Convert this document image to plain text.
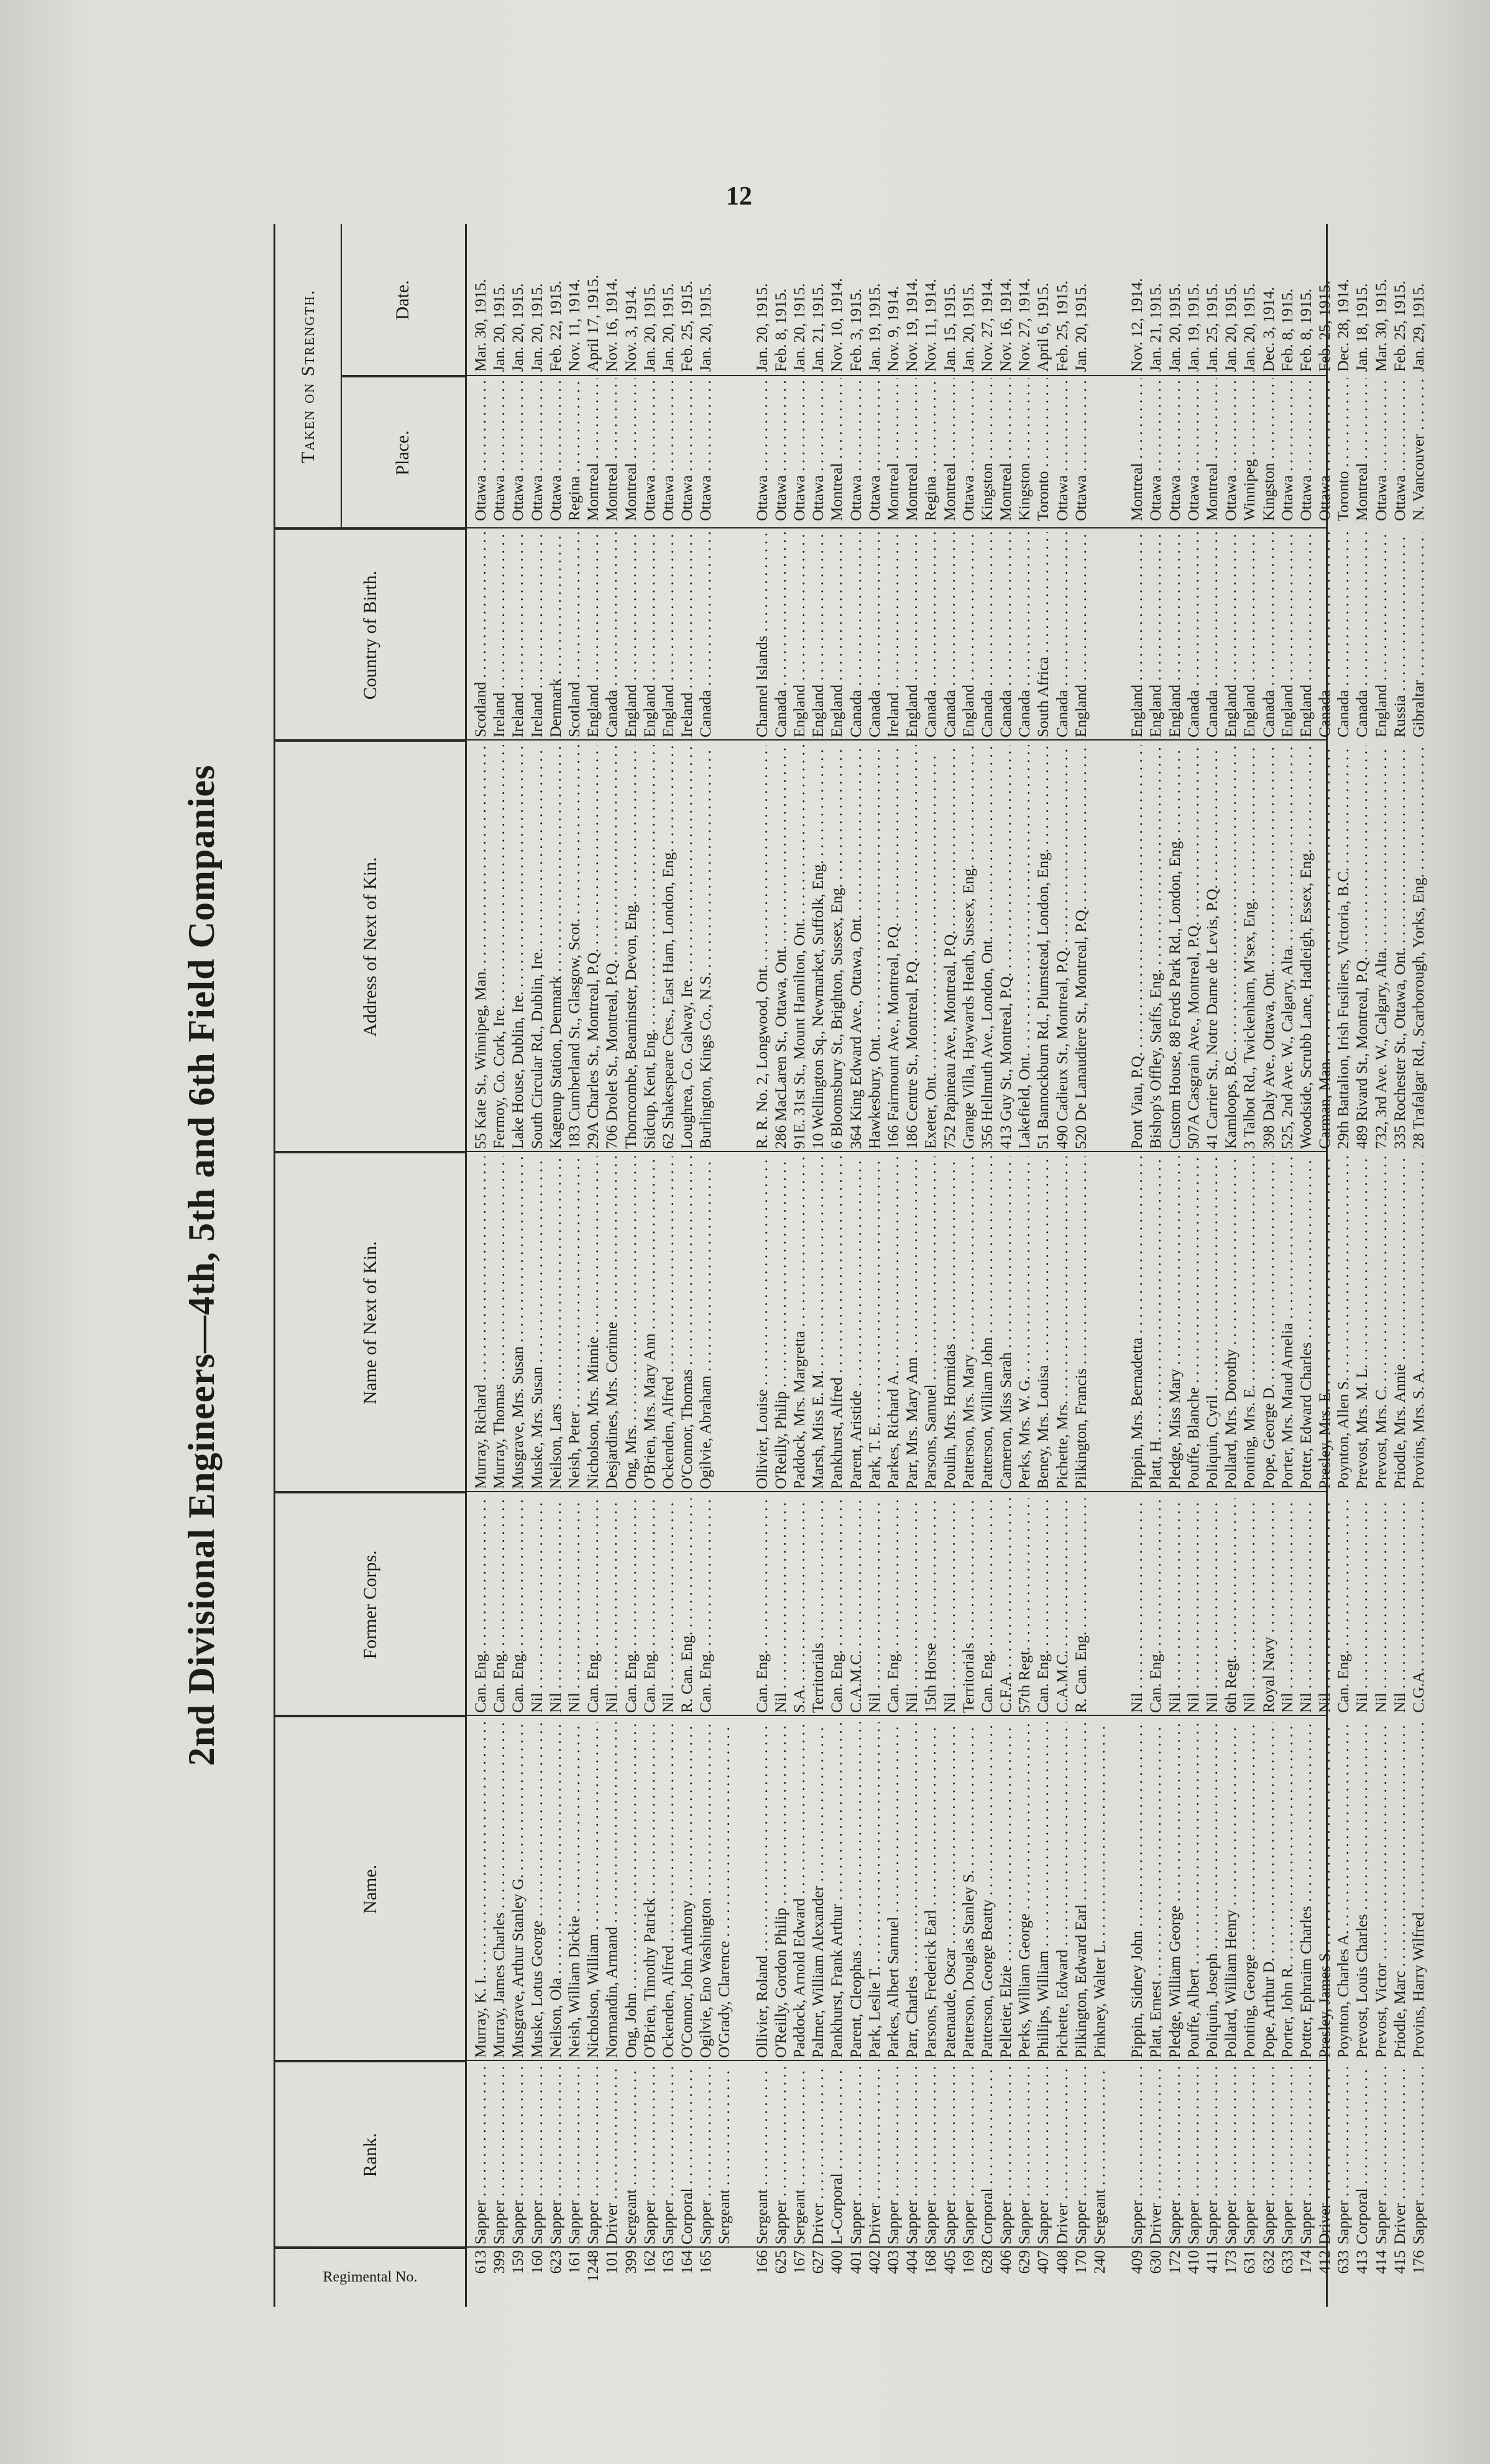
12
2nd Divisional Engineers—4th, 5th and 6th Field Companies
Regimental No.
Rank.
Name.
Former Corps.
Name of Next of Kin.
Address of Next of Kin.
Country of Birth.
Taken on Strength.	Place.
Date.
613
Sapper . . .
Murray, K. I. . . .
Can. Eng. . . .
Murray, Richard . . .
55 Kate St., Winnipeg, Man. . . .
Scotland . . .
Ottawa . . .
Mar. 30, 1915.
399
Sapper . . .
Murray, James Charles . . .
Can. Eng. . . .
Murray, Thomas . . .
Fermoy, Co. Cork, Ire. . . .
Ireland . . .
Ottawa . . .
Jan. 20, 1915.
159
Sapper . . .
Musgrave, Arthur Stanley G. . . .
Can. Eng. . . .
Musgrave, Mrs. Susan . . .
Lake House, Dublin, Ire. . . .
Ireland . . .
Ottawa . . .
Jan. 20, 1915.
160
Sapper . . .
Muske, Lotus George . . .
Nil . . .
Muske, Mrs. Susan . . .
South Circular Rd., Dublin, Ire. . . .
Ireland . . .
Ottawa . . .
Jan. 20, 1915.
623
Sapper . . .
Neilson, Ola . . .
Nil . . .
Neilson, Lars . . .
Kagenup Station, Denmark . . .
Denmark . . .
Ottawa . . .
Feb. 22, 1915.
161
Sapper . . .
Neish, William Dickie . . .
Nil . . .
Neish, Peter . . .
183 Cumberland St., Glasgow, Scot. . . .
Scotland . . .
Regina . . .
Nov. 11, 1914.
1248
Sapper . . .
Nicholson, William . . .
Can. Eng. . . .
Nicholson, Mrs. Minnie . . .
29A Charles St., Montreal, P.Q. . . .
England . . .
Montreal . . .
April 17, 1915.
101
Driver . . .
Normandin, Armand . . .
Nil . . .
Desjardines, Mrs. Corinne . . .
706 Drolet St., Montreal, P.Q. . . .
Canada . . .
Montreal . . .
Nov. 16, 1914.
399
Sergeant . . .
Ong, John . . .
Can. Eng. . . .
Ong, Mrs. . . .
Thorncombe, Beaminster, Devon, Eng. . . .
England . . .
Montreal . . .
Nov. 3, 1914.
162
Sapper . . .
O'Brien, Timothy Patrick . . .
Can. Eng. . . .
O'Brien, Mrs. Mary Ann . . .
Sidcup, Kent, Eng. . . .
England . . .
Ottawa . . .
Jan. 20, 1915.
163
Sapper . . .
Ockenden, Alfred . . .
Nil . . .
Ockenden, Alfred . . .
62 Shakespeare Cres., East Ham, London, Eng. . . .
England . . .
Ottawa . . .
Jan. 20, 1915.
164
Corporal . . .
O'Connor, John Anthony . . .
R. Can. Eng. . . .
O'Connor, Thomas . . .
Loughrea, Co. Galway, Ire. . . .
Ireland . . .
Ottawa . . .
Feb. 25, 1915.
165
Sapper . . .
Ogilvie, Eno Washington . . .
Can. Eng. . . .
Ogilvie, Abraham . . .
Burlington, Kings Co., N.S. . . .
Canada . . .
Ottawa . . .
Jan. 20, 1915.
Sergeant . . .
O'Grady, Clarence . . .
166
Sergeant . . .
Ollivier, Roland . . .
Can. Eng. . . .
Ollivier, Louise . . .
R. R. No. 2, Longwood, Ont. . . .
Channel Islands . . .
Ottawa . . .
Jan. 20, 1915.
625
Sapper . . .
O'Reilly, Gordon Philip . . .
Nil . . .
O'Reilly, Philip . . .
286 MacLaren St., Ottawa, Ont. . . .
Canada . . .
Ottawa . . .
Feb. 8, 1915.
167
Sergeant . . .
Paddock, Arnold Edward . . .
S.A. . . .
Paddock, Mrs. Margretta . . .
91E. 31st St., Mount Hamilton, Ont. . . .
England . . .
Ottawa . . .
Jan. 20, 1915.
627
Driver . . .
Palmer, William Alexander . . .
Territorials . . .
Marsh, Miss E. M. . . .
10 Wellington Sq., Newmarket, Suffolk, Eng. . . .
England . . .
Ottawa . . .
Jan. 21, 1915.
400
L-Corporal . . .
Pankhurst, Frank Arthur . . .
Can. Eng. . . .
Pankhurst, Alfred . . .
6 Bloomsbury St., Brighton, Sussex, Eng. . . .
England . . .
Montreal . . .
Nov. 10, 1914.
401
Sapper . . .
Parent, Cleophas . . .
C.A.M.C. . . .
Parent, Aristide . . .
364 King Edward Ave., Ottawa, Ont. . . .
Canada . . .
Ottawa . . .
Feb. 3, 1915.
402
Driver . . .
Park, Leslie T. . . .
Nil . . .
Park, T. E. . . .
Hawkesbury, Ont. . . .
Canada . . .
Ottawa . . .
Jan. 19, 1915.
403
Sapper . . .
Parkes, Albert Samuel . . .
Can. Eng. . . .
Parkes, Richard A. . . .
166 Fairmount Ave., Montreal, P.Q. . . .
Ireland . . .
Montreal . . .
Nov. 9, 1914.
404
Sapper . . .
Parr, Charles . . .
Nil . . .
Parr, Mrs. Mary Ann . . .
186 Centre St., Montreal, P.Q. . . .
England . . .
Montreal . . .
Nov. 19, 1914.
168
Sapper . . .
Parsons, Frederick Earl . . .
15th Horse . . .
Parsons, Samuel . . .
Exeter, Ont. . . .
Canada . . .
Regina . . .
Nov. 11, 1914.
405
Sapper . . .
Patenaude, Oscar . . .
Nil . . .
Poulin, Mrs. Hormidas . . .
752 Papineau Ave., Montreal, P.Q. . . .
Canada . . .
Montreal . . .
Jan. 15, 1915.
169
Sapper . . .
Patterson, Douglas Stanley S. . . .
Territorials . . .
Patterson, Mrs. Mary . . .
Grange Villa, Haywards Heath, Sussex, Eng. . . .
England . . .
Ottawa . . .
Jan. 20, 1915.
628
Corporal . . .
Patterson, George Beatty . . .
Can. Eng. . . .
Patterson, William John . . .
356 Hellmuth Ave., London, Ont. . . .
Canada . . .
Kingston . . .
Nov. 27, 1914.
406
Sapper . . .
Pelletier, Elzie . . .
C.F.A. . . .
Cameron, Miss Sarah . . .
413 Guy St., Montreal, P.Q. . . .
Canada . . .
Montreal . . .
Nov. 16, 1914.
629
Sapper . . .
Perks, William George . . .
57th Regt. . . .
Perks, Mrs. W. G. . . .
Lakefield, Ont. . . .
Canada . . .
Kingston . . .
Nov. 27, 1914.
407
Sapper . . .
Phillips, William . . .
Can. Eng. . . .
Beney, Mrs. Louisa . . .
51 Bannockburn Rd., Plumstead, London, Eng. . . .
South Africa . . .
Toronto . . .
April 6, 1915.
408
Driver . . .
Pichette, Edward . . .
C.A.M.C. . . .
Pichette, Mrs. . . .
490 Cadieux St., Montreal, P.Q. . . .
Canada . . .
Ottawa . . .
Feb. 25, 1915.
170
Sapper . . .
Pilkington, Edward Earl . . .
R. Can. Eng. . . .
Pilkington, Francis . . .
520 De Lanaudiere St., Montreal, P.Q. . . .
England . . .
Ottawa . . .
Jan. 20, 1915.
240
Sergeant . . .
Pinkney, Walter L. . . .
409
Sapper . . .
Pippin, Sidney John . . .
Nil . . .
Pippin, Mrs. Bernadetta . . .
Pont Viau, P.Q. . . .
England . . .
Montreal . . .
Nov. 12, 1914.
630
Driver . . .
Platt, Ernest . . .
Can. Eng. . . .
Platt, H. . . .
Bishop's Offley, Staffs, Eng. . . .
England . . .
Ottawa . . .
Jan. 21, 1915.
172
Sapper . . .
Pledge, William George . . .
Nil . . .
Pledge, Miss Mary . . .
Custom House, 88 Fords Park Rd., London, Eng. . . .
England . . .
Ottawa . . .
Jan. 20, 1915.
410
Sapper . . .
Pouffe, Albert . . .
Nil . . .
Pouffe, Blanche . . .
507A Casgrain Ave., Montreal, P.Q. . . .
Canada . . .
Ottawa . . .
Jan. 19, 1915.
411
Sapper . . .
Poliquin, Joseph . . .
Nil . . .
Poliquin, Cyril . . .
41 Carrier St., Notre Dame de Levis, P.Q. . . .
Canada . . .
Montreal . . .
Jan. 25, 1915.
173
Sapper . . .
Pollard, William Henry . . .
6th Regt. . . .
Pollard, Mrs. Dorothy . . .
Kamloops, B.C. . . .
England . . .
Ottawa . . .
Jan. 20, 1915.
631
Sapper . . .
Ponting, George . . .
Nil . . .
Ponting, Mrs. E. . . .
3 Talbot Rd., Twickenham, M'sex, Eng. . . .
England . . .
Winnipeg . . .
Jan. 20, 1915.
632
Sapper . . .
Pope, Arthur D. . . .
Royal Navy . . .
Pope, George D. . . .
398 Daly Ave., Ottawa, Ont. . . .
Canada . . .
Kingston . . .
Dec. 3, 1914.
633
Sapper . . .
Porter, John R. . . .
Nil . . .
Porter, Mrs. Maud Amelia . . .
525, 2nd Ave. W., Calgary, Alta. . . .
England . . .
Ottawa . . .
Feb. 8, 1915.
174
Sapper . . .
Potter, Ephraim Charles . . .
Nil . . .
Potter, Edward Charles . . .
Woodside, Scrubb Lane, Hadleigh, Essex, Eng. . . .
England . . .
Ottawa . . .
Feb. 8, 1915.
412
Driver . . .
Presley, James S. . . .
Nil . . .
Presley, Mrs. E. . . .
Carman, Man. . . .
Canada . . .
Ottawa . . .
Feb. 25, 1915.
633
Sapper . . .
Poynton, Charles A. . . .
Can. Eng. . . .
Poynton, Allen S. . . .
29th Battalion, Irish Fusiliers, Victoria, B.C. . . .
Canada . . .
Toronto . . .
Dec. 28, 1914.
413
Corporal . . .
Prevost, Louis Charles . . .
Nil . . .
Prevost, Mrs. M. L. . . .
489 Rivard St., Montreal, P.Q. . . .
Canada . . .
Montreal . . .
Jan. 18, 1915.
414
Sapper . . .
Prevost, Victor . . .
Nil . . .
Prevost, Mrs. C. . . .
732, 3rd Ave. W., Calgary, Alta. . . .
England . . .
Ottawa . . .
Mar. 30, 1915.
415
Driver . . .
Priodle, Marc . . .
Nil . . .
Priodle, Mrs. Annie . . .
335 Rochester St., Ottawa, Ont. . . .
Russia . . .
Ottawa . . .
Feb. 25, 1915.
176
Sapper . . .
Provins, Harry Wilfred . . .
C.G.A. . . .
Provins, Mrs. S. A. . . .
28 Trafalgar Rd., Scarborough, Yorks, Eng. . . .
Gibraltar . . .
N. Vancouver . . .
Jan. 29, 1915.
